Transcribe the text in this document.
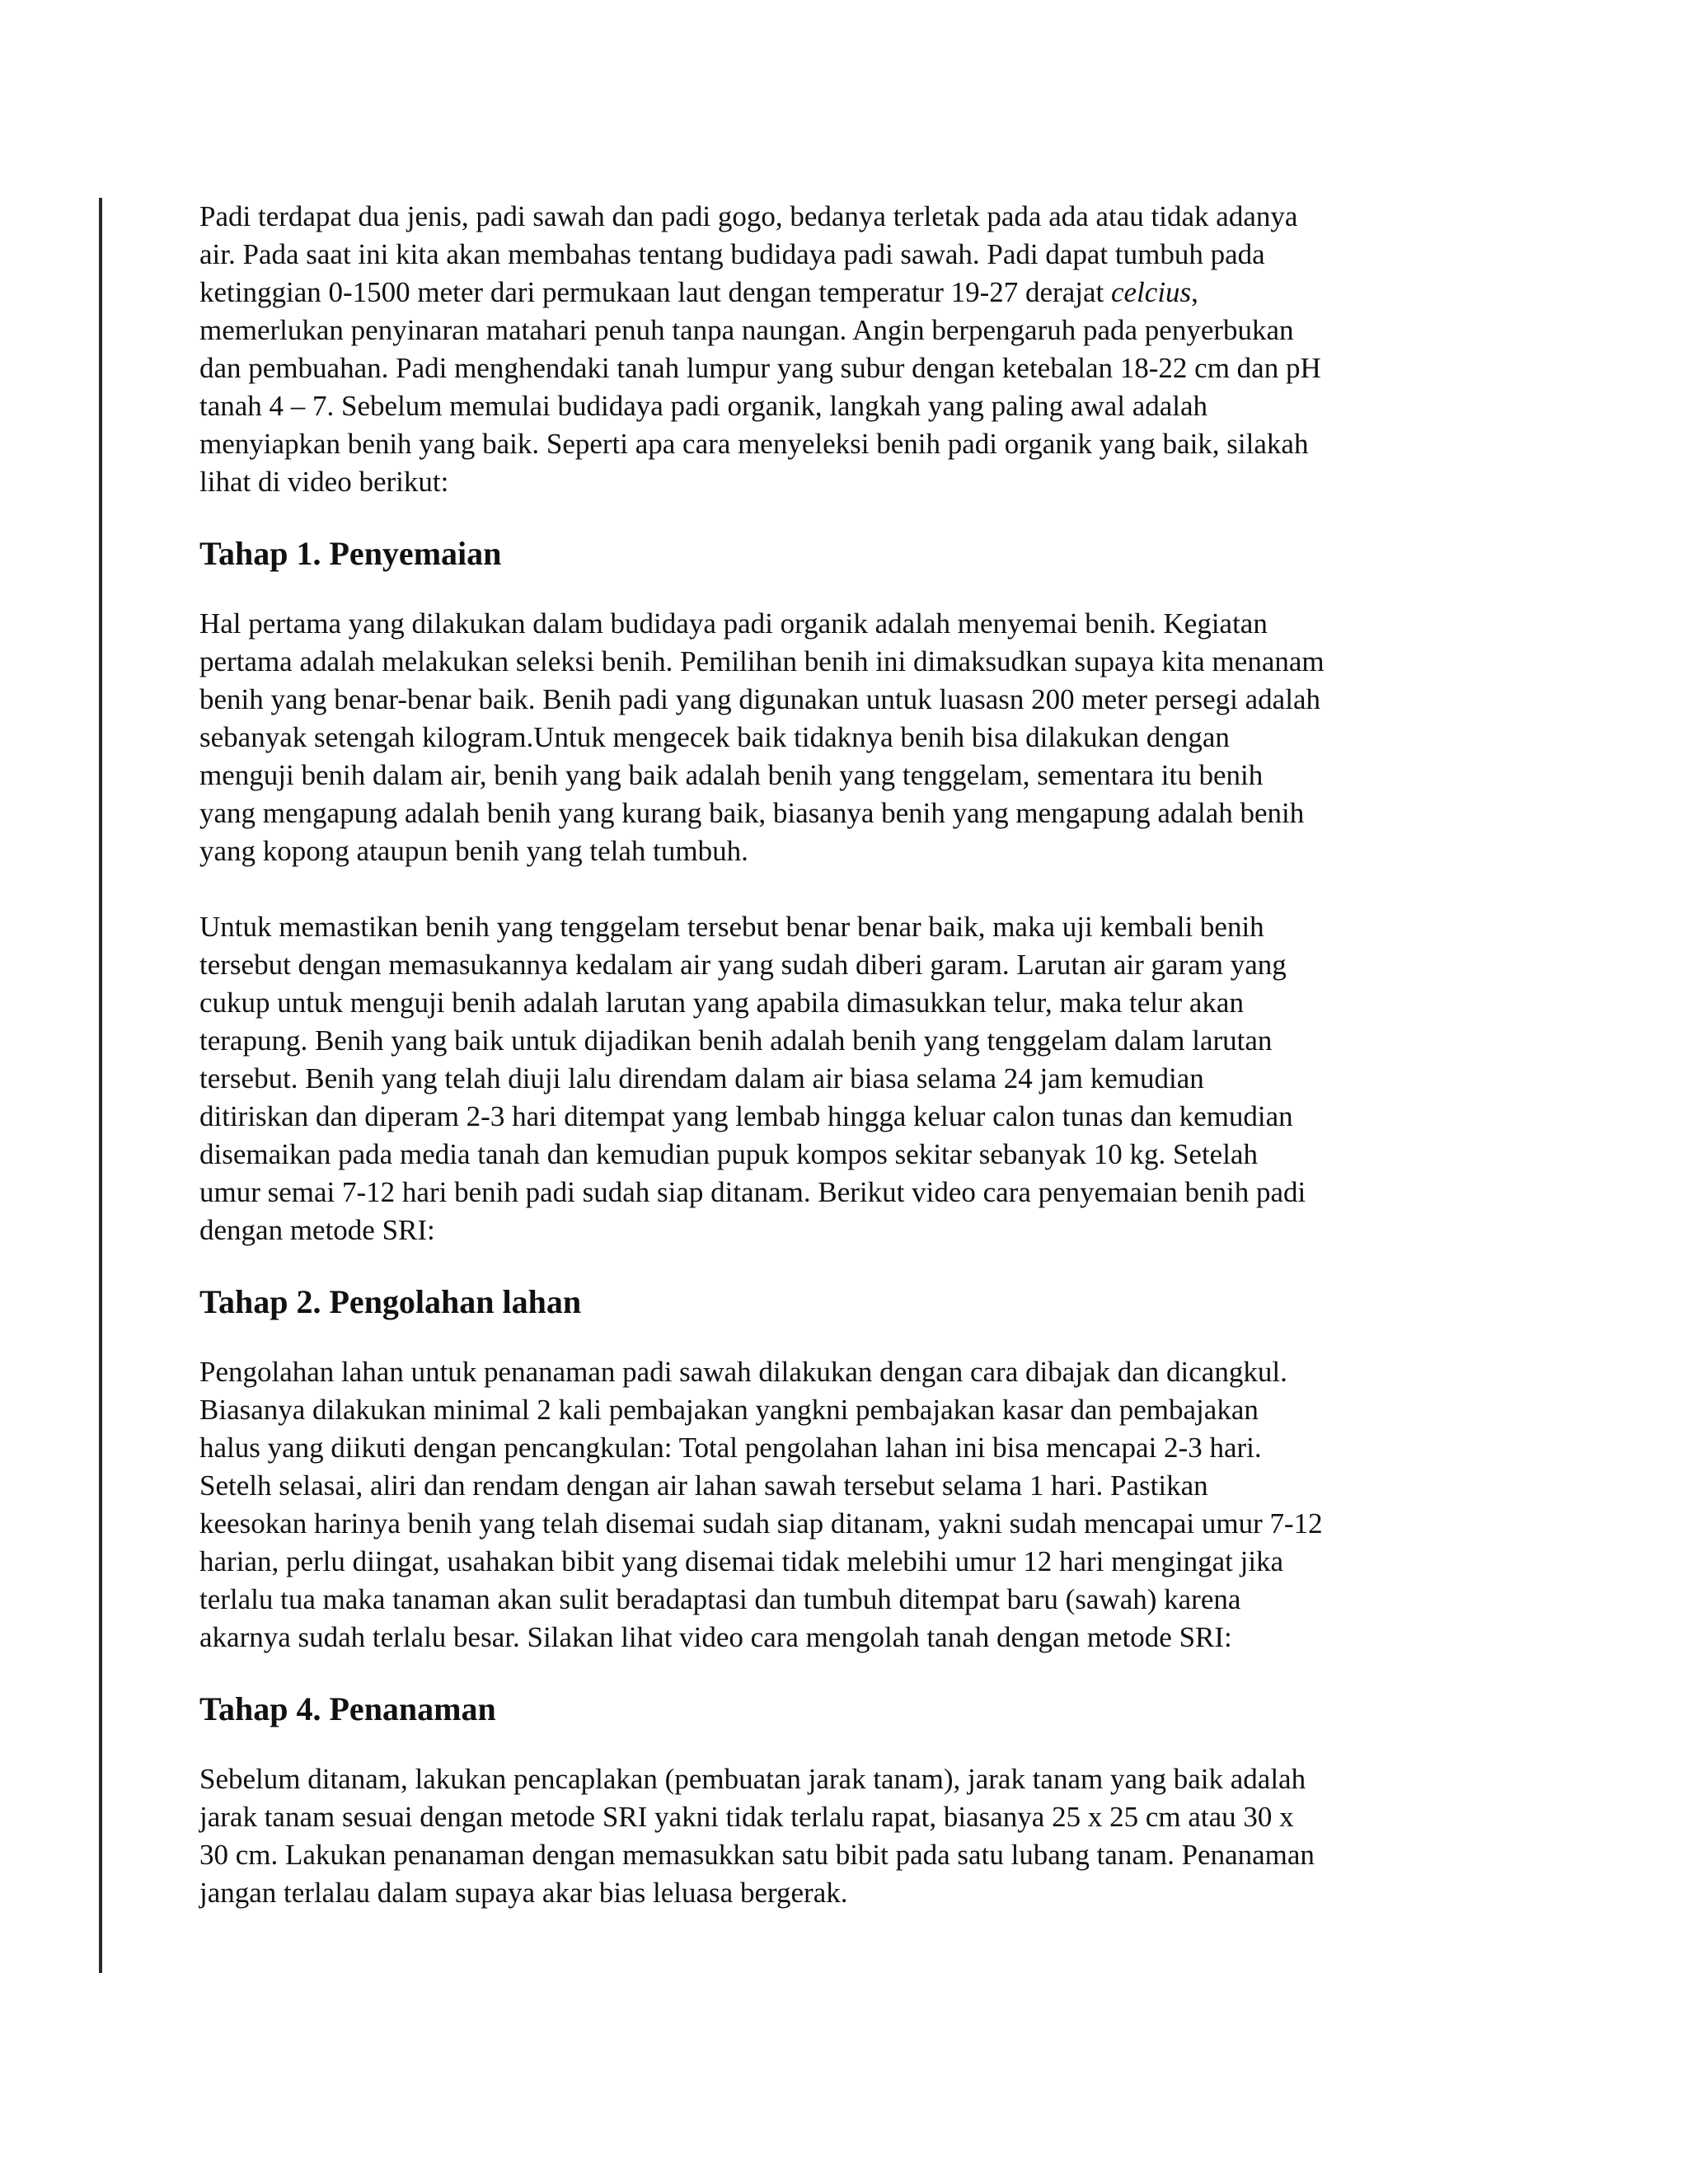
Padi terdapat dua jenis, padi sawah dan padi gogo, bedanya terletak pada ada atau tidak adanya
air. Pada saat ini kita akan membahas tentang budidaya padi sawah. Padi dapat tumbuh pada
ketinggian 0-1500 meter dari permukaan laut dengan temperatur 19-27 derajat celcius,
memerlukan penyinaran matahari penuh tanpa naungan. Angin berpengaruh pada penyerbukan
dan pembuahan. Padi menghendaki tanah lumpur yang subur dengan ketebalan 18-22 cm dan pH
tanah 4 – 7. Sebelum memulai budidaya padi organik, langkah yang paling awal adalah
menyiapkan benih yang baik. Seperti apa cara menyeleksi benih padi organik yang baik, silakah
lihat di video berikut:

Tahap 1. Penyemaian

Hal pertama yang dilakukan dalam budidaya padi organik adalah menyemai benih. Kegiatan
pertama adalah melakukan seleksi benih. Pemilihan benih ini dimaksudkan supaya kita menanam
benih yang benar-benar baik. Benih padi yang digunakan untuk luasasn 200 meter persegi adalah
sebanyak setengah kilogram.Untuk mengecek baik tidaknya benih bisa dilakukan dengan
menguji benih dalam air, benih yang baik adalah benih yang tenggelam, sementara itu benih
yang mengapung adalah benih yang kurang baik, biasanya benih yang mengapung adalah benih
yang kopong ataupun benih yang telah tumbuh.

Untuk memastikan benih yang tenggelam tersebut benar benar baik, maka uji kembali benih
tersebut dengan memasukannya kedalam air yang sudah diberi garam. Larutan air garam yang
cukup untuk menguji benih adalah larutan yang apabila dimasukkan telur, maka telur akan
terapung. Benih yang baik untuk dijadikan benih adalah benih yang tenggelam dalam larutan
tersebut. Benih yang telah diuji lalu direndam dalam air biasa selama 24 jam kemudian
ditiriskan dan diperam 2-3 hari ditempat yang lembab hingga keluar calon tunas dan kemudian
disemaikan pada media tanah dan kemudian pupuk kompos sekitar sebanyak 10 kg. Setelah
umur semai 7-12 hari benih padi sudah siap ditanam. Berikut video cara penyemaian benih padi
dengan metode SRI:

Tahap 2. Pengolahan lahan

Pengolahan lahan untuk penanaman padi sawah dilakukan dengan cara dibajak dan dicangkul.
Biasanya dilakukan minimal 2 kali pembajakan yangkni pembajakan kasar dan pembajakan
halus yang diikuti dengan pencangkulan: Total pengolahan lahan ini bisa mencapai 2-3 hari.
Setelh selasai, aliri dan rendam dengan air lahan sawah tersebut selama 1 hari. Pastikan
keesokan harinya benih yang telah disemai sudah siap ditanam, yakni sudah mencapai umur 7-12
harian, perlu diingat, usahakan bibit yang disemai tidak melebihi umur 12 hari mengingat jika
terlalu tua maka tanaman akan sulit beradaptasi dan tumbuh ditempat baru (sawah) karena
akarnya sudah terlalu besar. Silakan lihat video cara mengolah tanah dengan metode SRI:

Tahap 4. Penanaman

Sebelum ditanam, lakukan pencaplakan (pembuatan jarak tanam), jarak tanam yang baik adalah
jarak tanam sesuai dengan metode SRI yakni tidak terlalu rapat, biasanya 25 x 25 cm atau 30 x
30 cm. Lakukan penanaman dengan memasukkan satu bibit pada satu lubang tanam. Penanaman
jangan terlalau dalam supaya akar bias leluasa bergerak.
